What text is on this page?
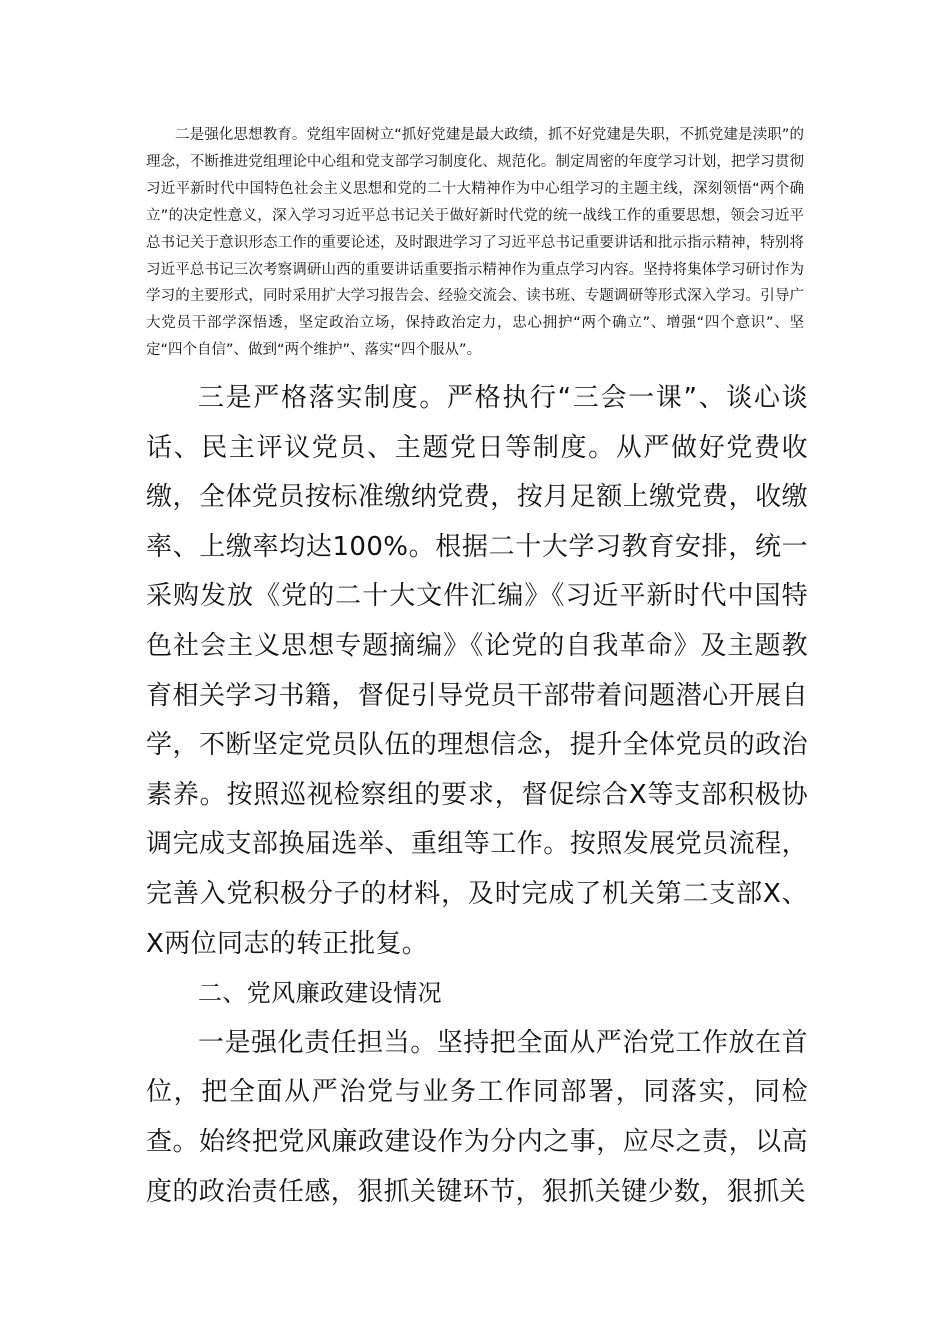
二是强化思想教育。党组牢固树立“抓好党建是最大政绩，抓不好党建是失职，不抓党建是渎职”的理念，不断推进党组理论中心组和党支部学习制度化、规范化。制定周密的年度学习计划，把学习贯彻习近平新时代中国特色社会主义思想和党的二十大精神作为中心组学习的主题主线，深刻领悟“两个确立”的决定性意义，深入学习习近平总书记关于做好新时代党的统一战线工作的重要思想，领会习近平总书记关于意识形态工作的重要论述，及时跟进学习了习近平总书记重要讲话和批示指示精神，特别将习近平总书记三次考察调研山西的重要讲话重要指示精神作为重点学习内容。坚持将集体学习研讨作为学习的主要形式，同时采用扩大学习报告会、经验交流会、读书班、专题调研等形式深入学习。引导广大党员干部学深悟透，坚定政治立场，保持政治定力，忠心拥护“两个确立”、增强“四个意识”、坚定“四个自信”、做到“两个维护”、落实“四个服从”。

三是严格落实制度。严格执行“三会一课”、谈心谈话、民主评议党员、主题党日等制度。从严做好党费收缴，全体党员按标准缴纳党费，按月足额上缴党费，收缴率、上缴率均达100%。根据二十大学习教育安排，统一采购发放《党的二十大文件汇编》《习近平新时代中国特色社会主义思想专题摘编》《论党的自我革命》及主题教育相关学习书籍，督促引导党员干部带着问题潜心开展自学，不断坚定党员队伍的理想信念，提升全体党员的政治素养。按照巡视检察组的要求，督促综合X等支部积极协调完成支部换届选举、重组等工作。按照发展党员流程，完善入党积极分子的材料，及时完成了机关第二支部X、X两位同志的转正批复。

二、党风廉政建设情况

一是强化责任担当。坚持把全面从严治党工作放在首位，把全面从严治党与业务工作同部署，同落实，同检查。始终把党风廉政建设作为分内之事，应尽之责，以高度的政治责任感，狠抓关键环节，狠抓关键少数，狠抓关
